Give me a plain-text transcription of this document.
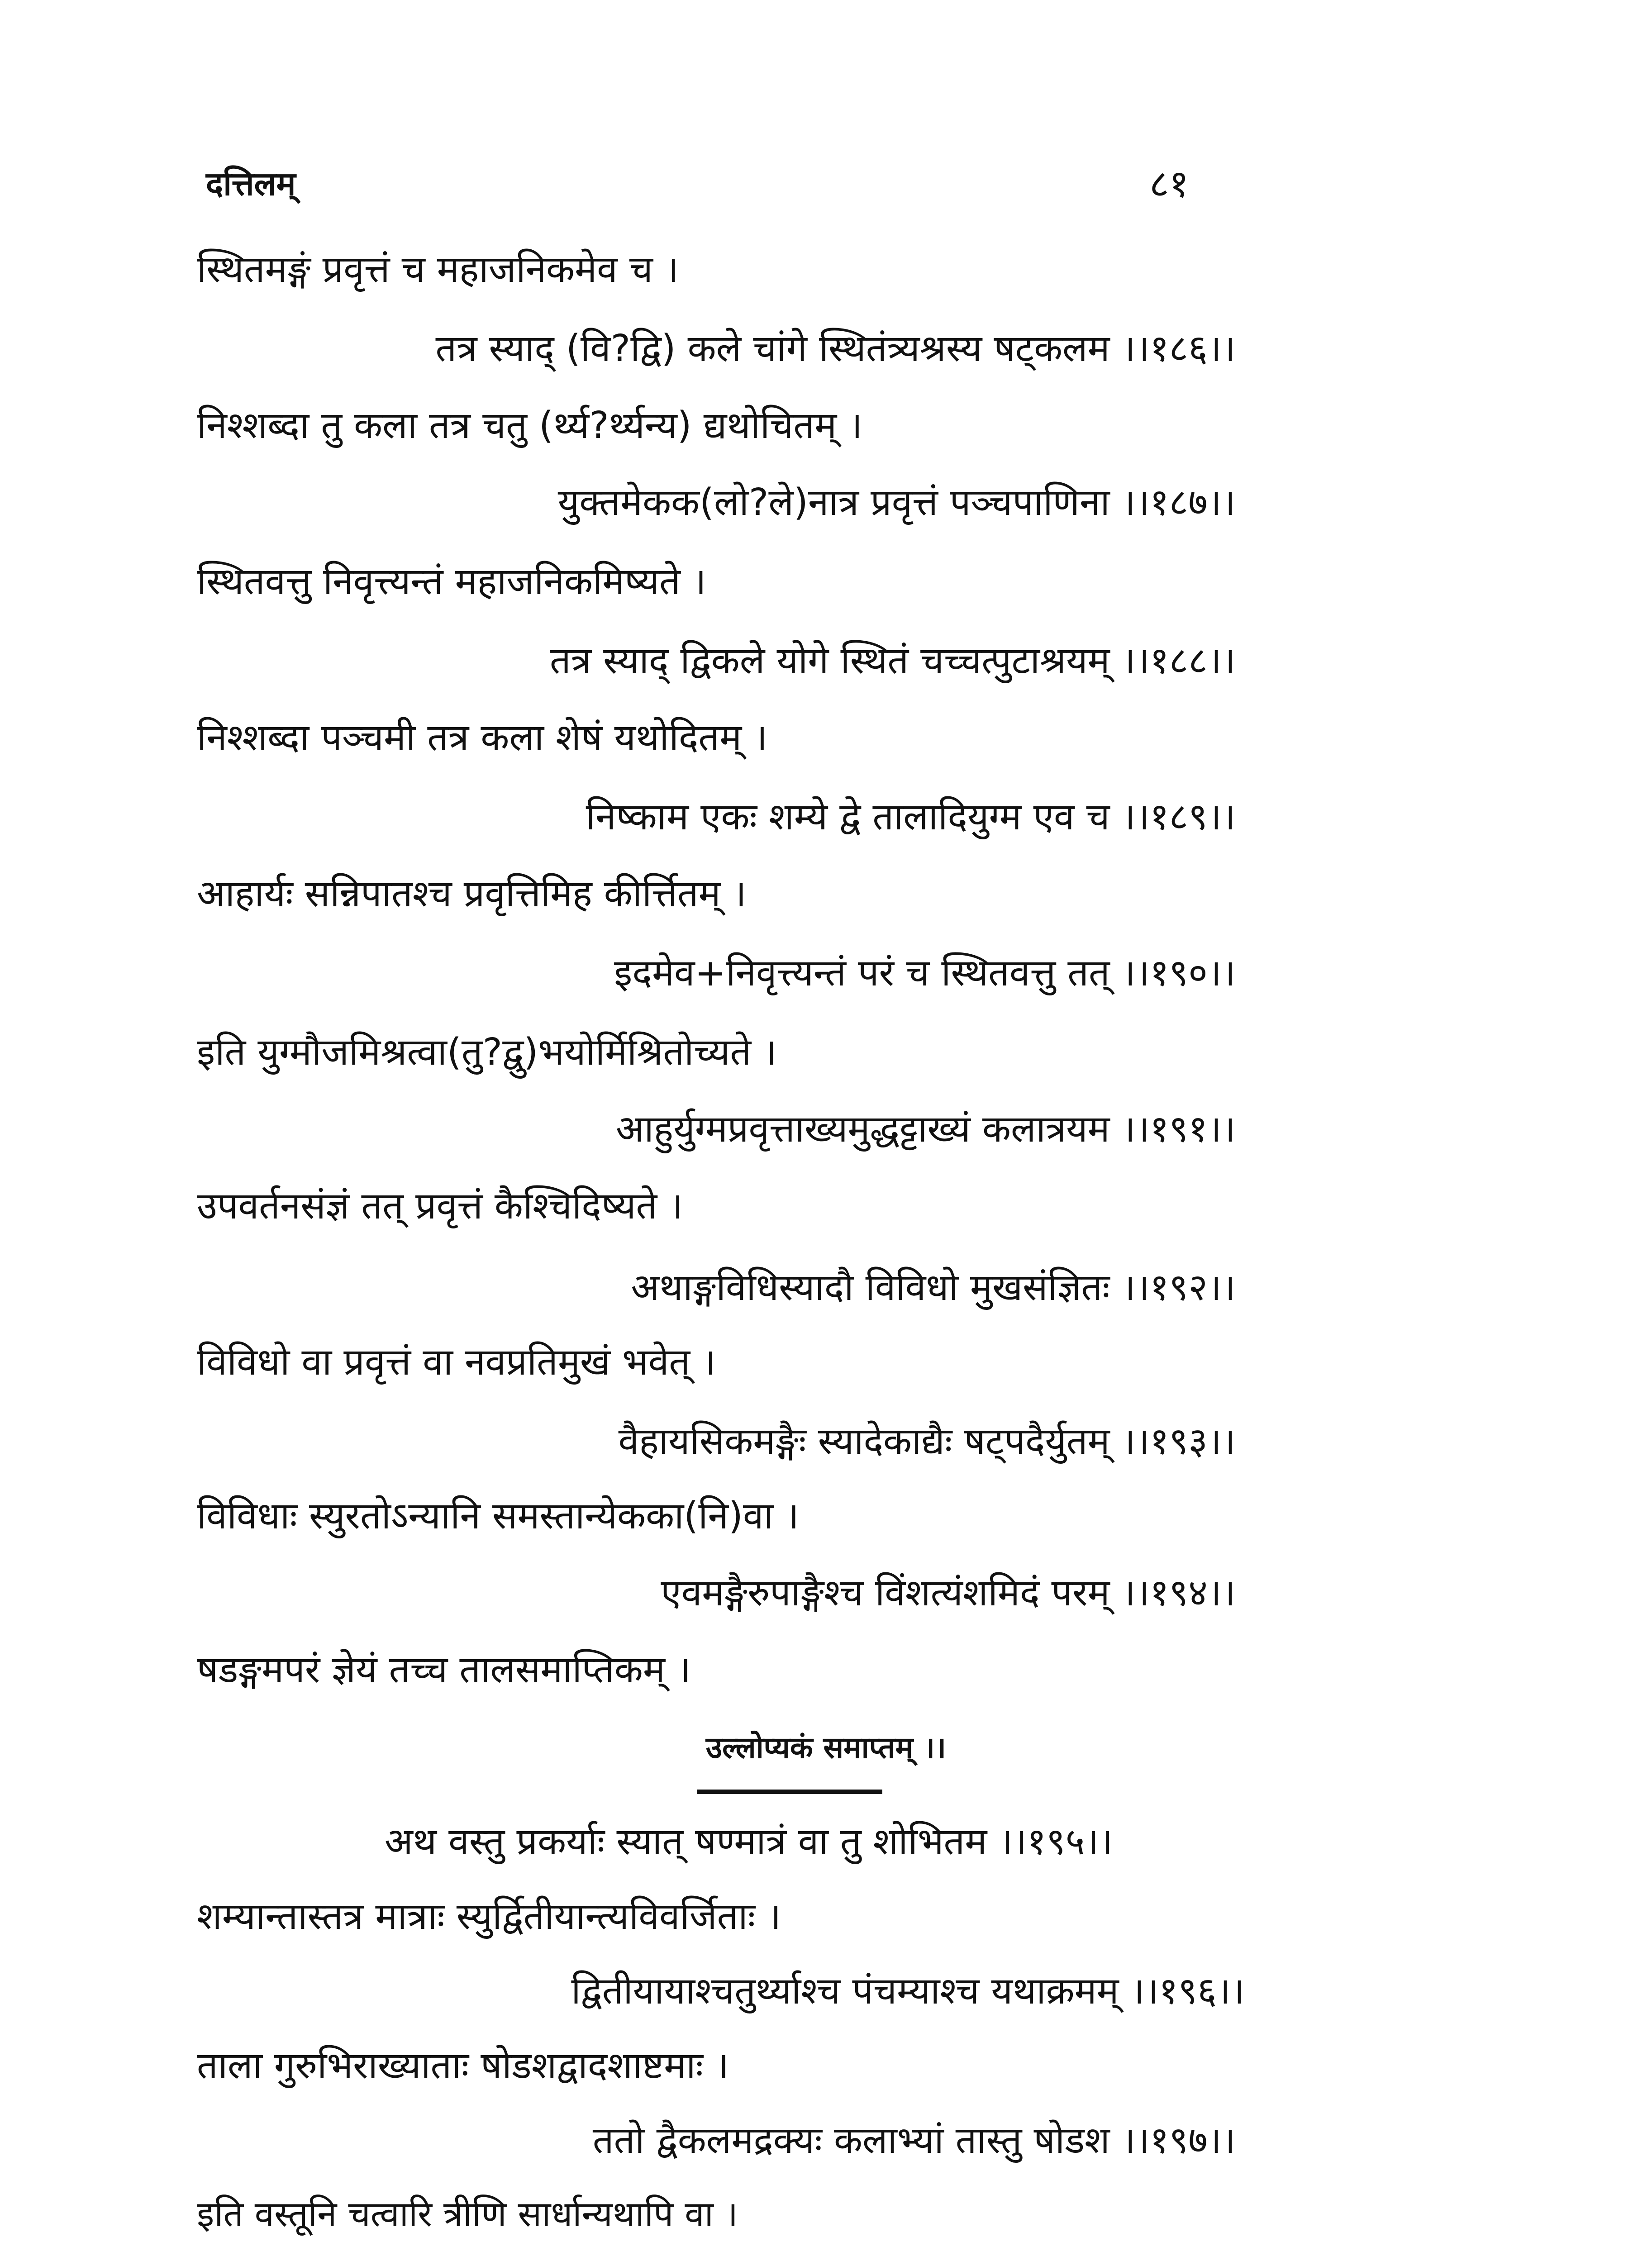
दत्तिलम्	८१
स्थितमङ्गं प्रवृत्तं च महाजनिकमेव च ।
तत्र स्याद् (वि?द्वि) कले चांगे स्थितंत्र्यश्रस्य षट्कलम ।।१८६।।
निश्शब्दा तु कला तत्र चतु (र्थ्य?र्थ्यन्य) द्यथोचितम् ।
युक्तमेकक(लो?ले)नात्र प्रवृत्तं पञ्चपाणिना ।।१८७।।
स्थितवत्तु निवृत्त्यन्तं महाजनिकमिष्यते ।
तत्र स्याद् द्विकले योगे स्थितं चच्चत्पुटाश्रयम् ।।१८८।।
निश्शब्दा पञ्चमी तत्र कला शेषं यथोदितम् ।
निष्काम एकः शम्ये द्वे तालादियुग्म एव च ।।१८९।।
आहार्यः सन्निपातश्च प्रवृत्तिमिह कीर्त्तितम् ।
इदमेव+निवृत्त्यन्तं परं च स्थितवत्तु तत् ।।१९०।।
इति युग्मौजमिश्रत्वा(तु?द्वु)भयोर्मिश्रितोच्यते ।
आहुर्युग्मप्रवृत्ताख्यमुद्धट्टाख्यं कलात्रयम ।।१९१।।
उपवर्तनसंज्ञं तत् प्रवृत्तं कैश्चिदिष्यते ।
अथाङ्गविधिस्यादौ विविधो मुखसंज्ञितः ।।१९२।।
विविधो वा प्रवृत्तं वा नवप्रतिमुखं भवेत् ।
वैहायसिकमङ्गैः स्यादेकाद्यैः षट्पदैर्युतम् ।।१९३।।
विविधाः स्युरतोऽन्यानि समस्तान्येकका(नि)वा ।
एवमङ्गैरुपाङ्गैश्च विंशत्यंशमिदं परम् ।।१९४।।
षडङ्गमपरं ज्ञेयं तच्च तालसमाप्तिकम् ।
उल्लोप्यकं समाप्तम् ।।
अथ वस्तु प्रकर्याः स्यात् षण्मात्रं वा तु शोभितम ।।१९५।।
शम्यान्तास्तत्र मात्राः स्युर्द्वितीयान्त्यविवर्जिताः ।
द्वितीयायाश्चतुर्थ्याश्च पंचम्याश्च यथाक्रमम् ।।१९६।।
ताला गुरुभिराख्याताः षोडशद्वादशाष्टमाः ।
ततो द्वैकलमद्रक्यः कलाभ्यां तास्तु षोडश ।।१९७।।
इति वस्तूनि चत्वारि त्रीणि सार्धान्यथापि वा ।
